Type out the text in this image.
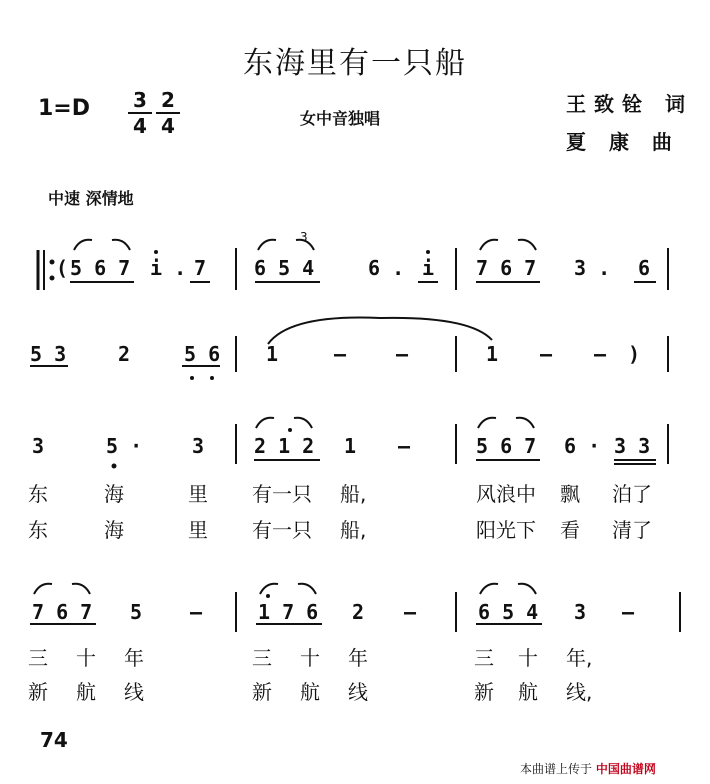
东海里有一只船
$1=D \frac{3}{4} \frac{2}{4}$	女中音独唱
王致铨 词
夏 康 曲
中速 深情地
( 5 6 7 i . 7 6 5 4	6 . i 7 6 7 3 . 6
3
5 3	2	5 6 1	— —	1 — — )
3	5 · 3 2 1 2 1 —	5 6 7 6 · 3 3
东	海	里 有一只 船,	风浪中 飘 泊了
东	海	里 有一只 船,	阳光下 看 清了
7 6 7 5 —	1 7 6 2 —	6 5 4 3 —
三 十 年	三 十 年	三 十 年,
新 航 线	新 航 线	新 航 线,
74
本曲谱上传于 中国曲谱网
